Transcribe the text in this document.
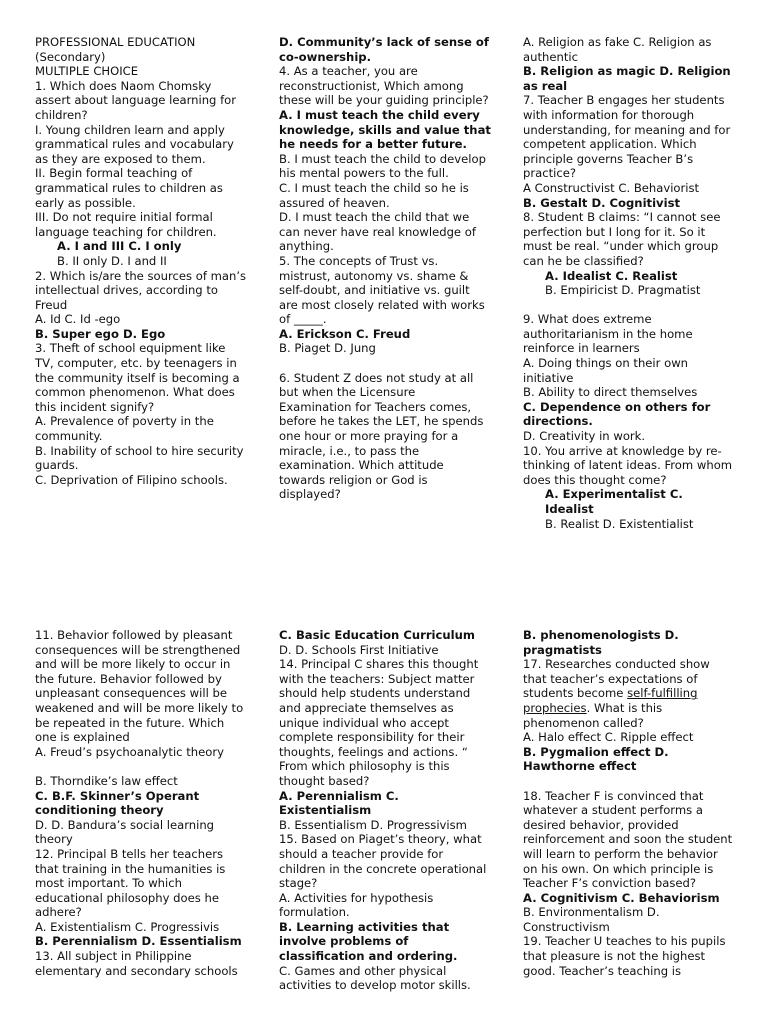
PROFESSIONAL EDUCATION

(Secondary)

MULTIPLE CHOICE

1. Which does Naom Chomsky assert about language learning for children?

I. Young children learn and apply grammatical rules and vocabulary as they are exposed to them.

II. Begin formal teaching of grammatical rules to children as early as possible.

III. Do not require initial formal language teaching for children.

A. I and III C. I only

B. II only D. I and II

2. Which is/are the sources of man’s intellectual drives, according to Freud

A. Id C. Id -ego

B. Super ego D. Ego

3. Theft of school equipment like TV, computer, etc. by teenagers in the community itself is becoming a common phenomenon. What does this incident signify?

A. Prevalence of poverty in the community.

B. Inability of school to hire security guards.

C. Deprivation of Filipino schools.

D. Community’s lack of sense of co-ownership.

4. As a teacher, you are reconstructionist, Which among these will be your guiding principle?

A. I must teach the child every knowledge, skills and value that he needs for a better future.

B. I must teach the child to develop his mental powers to the full.

C. I must teach the child so he is assured of heaven.

D. I must teach the child that we can never have real knowledge of anything.

5. The concepts of Trust vs. mistrust, autonomy vs. shame & self-doubt, and initiative vs. guilt are most closely related with works of _____.

A. Erickson C. Freud

B. Piaget D. Jung

6. Student Z does not study at all but when the Licensure Examination for Teachers comes, before he takes the LET, he spends one hour or more praying for a miracle, i.e., to pass the examination. Which attitude towards religion or God is displayed?

A. Religion as fake C. Religion as authentic

B. Religion as magic D. Religion as real

7. Teacher B engages her students with information for thorough understanding, for meaning and for competent application. Which principle governs Teacher B’s practice?

A Constructivist C. Behaviorist

B. Gestalt D. Cognitivist

8. Student B claims: “I cannot see perfection but I long for it. So it must be real. “under which group can he be classified?

A. Idealist C. Realist

B. Empiricist D. Pragmatist

9. What does extreme authoritarianism in the home reinforce in learners

A. Doing things on their own initiative

B. Ability to direct themselves

C. Dependence on others for directions.

D. Creativity in work.

10. You arrive at knowledge by re-thinking of latent ideas. From whom does this thought come?

A. Experimentalist C. Idealist

B. Realist D. Existentialist

11. Behavior followed by pleasant consequences will be strengthened and will be more likely to occur in the future. Behavior followed by unpleasant consequences will be weakened and will be more likely to be repeated in the future. Which one is explained

A. Freud’s psychoanalytic theory

B. Thorndike’s law effect

C. B.F. Skinner’s Operant conditioning theory

D. D. Bandura’s social learning theory

12. Principal B tells her teachers that training in the humanities is most important. To which educational philosophy does he adhere?

A. Existentialism C. Progressivis

B. Perennialism D. Essentialism

13. All subject in Philippine elementary and secondary schools

C. Basic Education Curriculum

D. D. Schools First Initiative

14. Principal C shares this thought with the teachers: Subject matter should help students understand and appreciate themselves as unique individual who accept complete responsibility for their thoughts, feelings and actions. “ From which philosophy is this thought based?

A. Perennialism C. Existentialism

B. Essentialism D. Progressivism

15. Based on Piaget’s theory, what should a teacher provide for children in the concrete operational stage?

A. Activities for hypothesis formulation.

B. Learning activities that involve problems of classification and ordering.

C. Games and other physical activities to develop motor skills.

B. phenomenologists D. pragmatists

17. Researches conducted show that teacher’s expectations of students become self-fulfilling prophecies. What is this phenomenon called?

A. Halo effect C. Ripple effect

B. Pygmalion effect D. Hawthorne effect

18. Teacher F is convinced that whatever a student performs a desired behavior, provided reinforcement and soon the student will learn to perform the behavior on his own. On which principle is Teacher F’s conviction based?

A. Cognitivism C. Behaviorism

B. Environmentalism D. Constructivism

19. Teacher U teaches to his pupils that pleasure is not the highest good. Teacher’s teaching is
